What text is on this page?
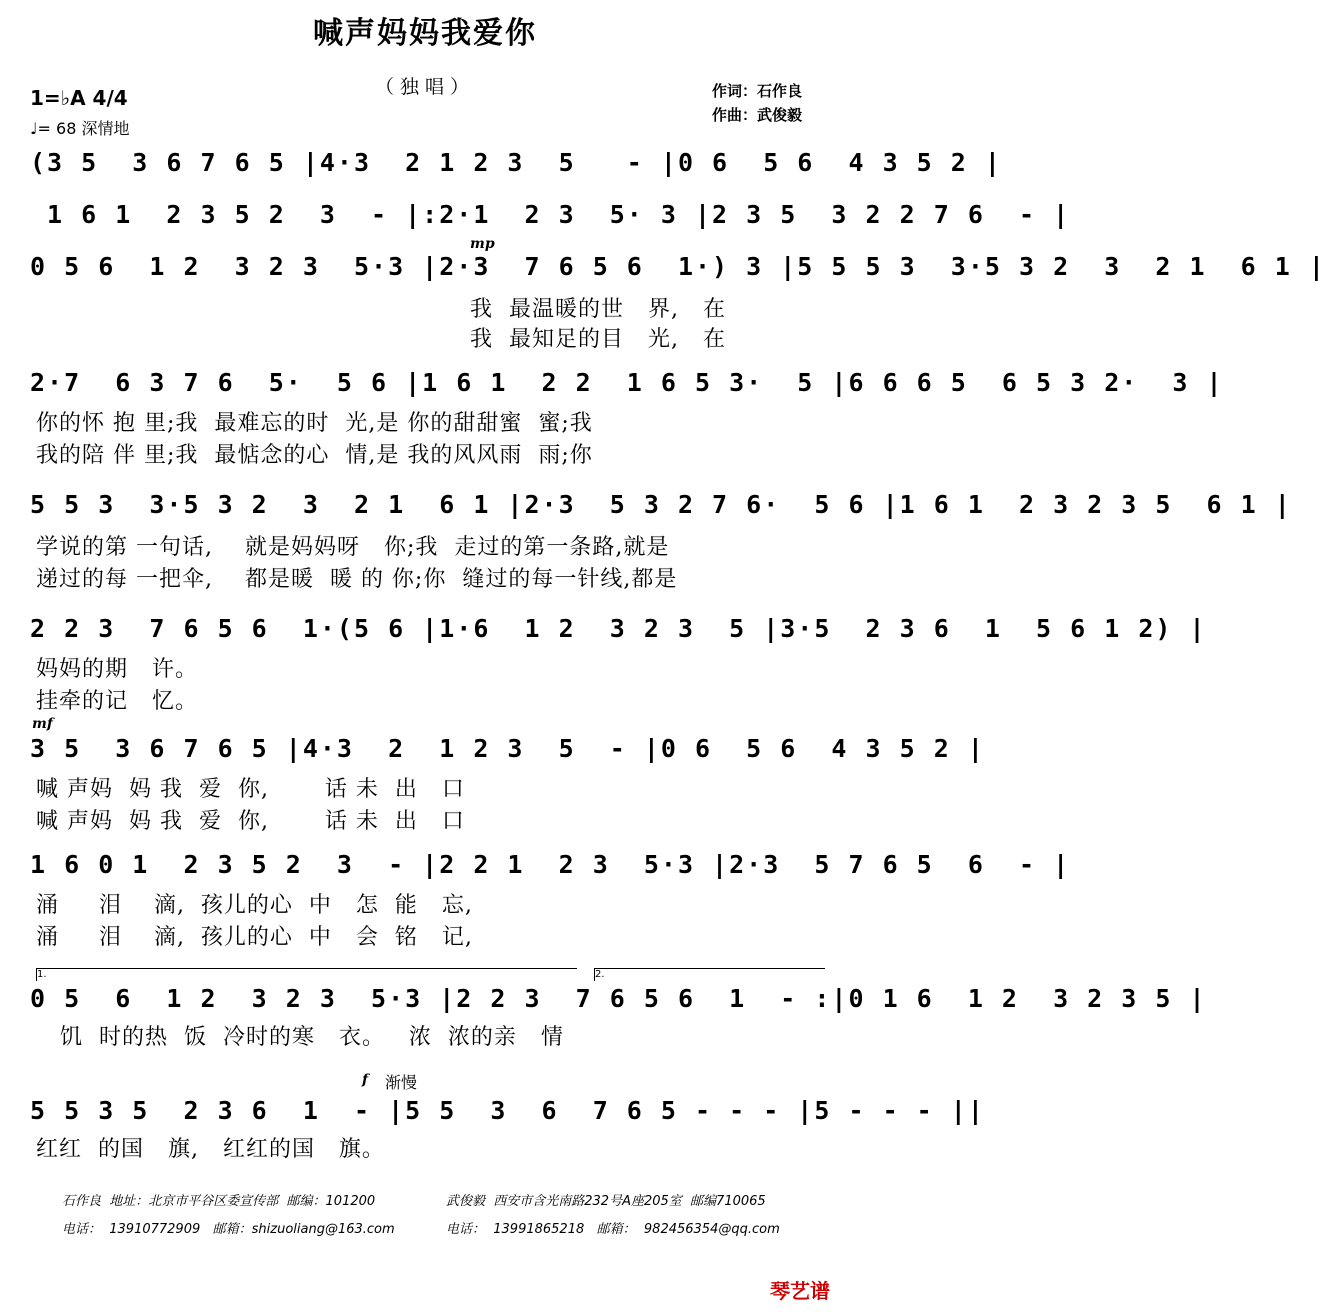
喊声妈妈我爱你
（独唱）	作词：石作良
作曲：武俊毅
1=♭A 4/4
♩= 68 深情地
(3 5  3 6 7 6 5 |4·3  2 1 2 3  5   - |0 6  5 6  4 3 5 2 |
1 6 1  2 3 5 2  3  - |:2·1  2 3  5· 3 |2 3 5  3 2 2 7 6  - |
mp
0 5 6  1 2  3 2 3  5·3 |2·3  7 6 5 6  1·) 3 |5 5 5 3  3·5 3 2  3  2 1  6 1 |
我  最温暖的世   界,   在
我  最知足的目   光,   在
2·7  6 3 7 6  5·  5 6 |1 6 1  2 2  1 6 5 3·  5 |6 6 6 5  6 5 3 2·  3 |
你的怀 抱 里;我  最难忘的时  光,是 你的甜甜蜜  蜜;我
我的陪 伴 里;我  最惦念的心  情,是 我的风风雨  雨;你
5 5 3  3·5 3 2  3  2 1  6 1 |2·3  5 3 2 7 6·  5 6 |1 6 1  2 3 2 3 5  6 1 |
学说的第 一句话,    就是妈妈呀   你;我  走过的第一条路,就是
递过的每 一把伞,    都是暖  暖 的 你;你  缝过的每一针线,都是
2 2 3  7 6 5 6  1·(5 6 |1·6  1 2  3 2 3  5 |3·5  2 3 6  1  5 6 1 2) |
妈妈的期   许。
挂牵的记   忆。
mf
3 5  3 6 7 6 5 |4·3  2  1 2 3  5  - |0 6  5 6  4 3 5 2 |
喊 声妈  妈 我  爱  你,       话 未  出   口
喊 声妈  妈 我  爱  你,       话 未  出   口
1 6 0 1  2 3 5 2  3  - |2 2 1  2 3  5·3 |2·3  5 7 6 5  6  - |
涌     泪    滴,  孩儿的心  中   怎  能   忘,
涌     泪    滴,  孩儿的心  中   会  铭   记,
1.	2.
0 5  6  1 2  3 2 3  5·3 |2 2 3  7 6 5 6  1  - :|0 1 6  1 2  3 2 3 5 |
饥  时的热  饭  冷时的寒   衣。   浓  浓的亲   情
f 渐慢
5 5 3 5  2 3 6  1  - |5 5  3  6  7 6 5 - - - |5 - - - ||
红红  的国   旗,   红红的国   旗。
石作良  地址：北京市平谷区委宣传部  邮编：101200	武俊毅  西安市含光南路232号A座205室  邮编710065
电话：  13910772909   邮箱：shizuoliang@163.com	电话：  13991865218   邮箱：  982456354@qq.com
琴艺谱
